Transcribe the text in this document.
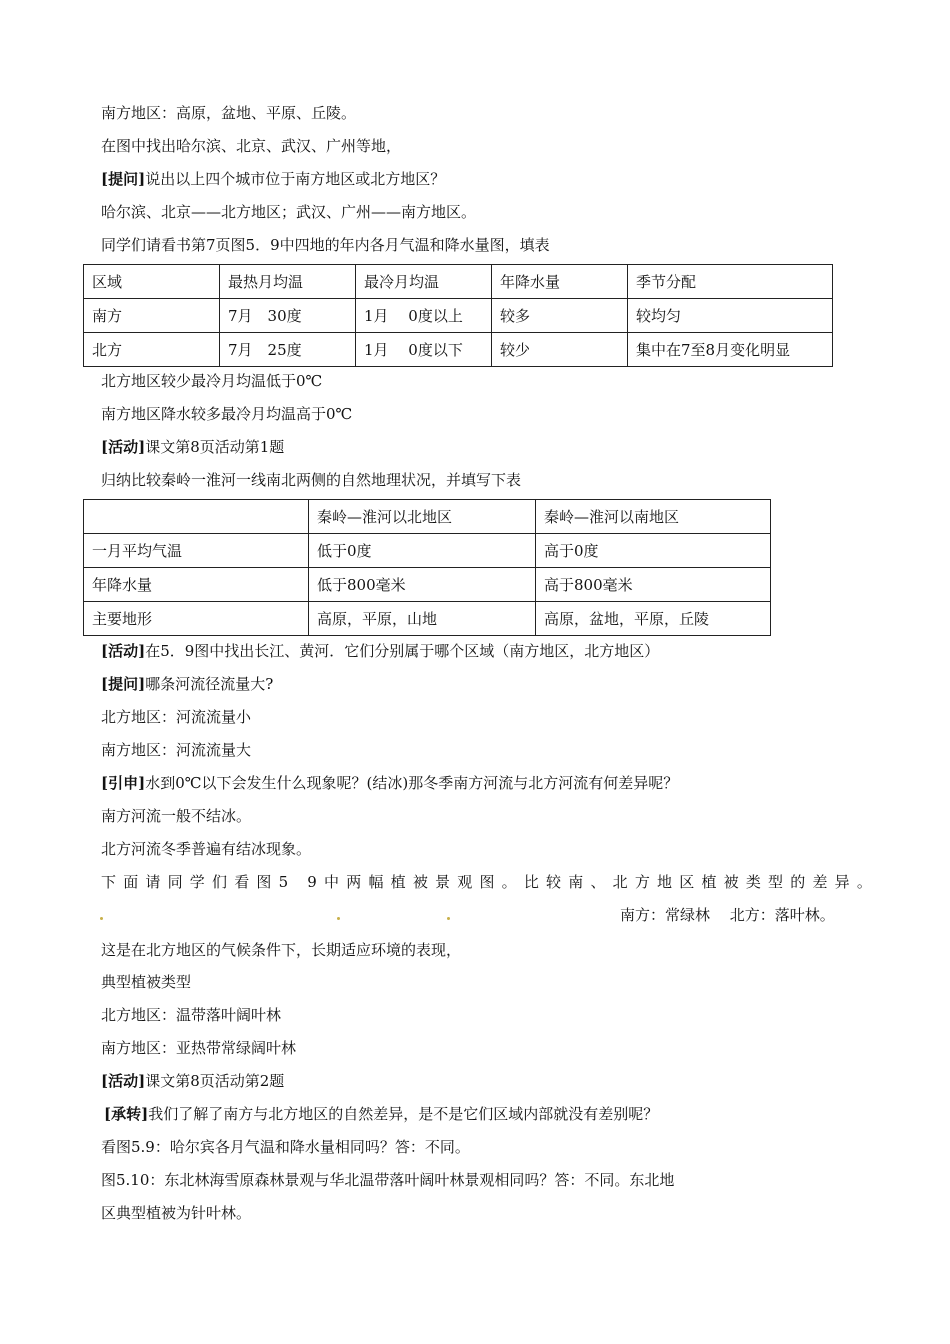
南方地区：高原，盆地、平原、丘陵。
在图中找出哈尔滨、北京、武汉、广州等地，
[提问]说出以上四个城市位于南方地区或北方地区？
哈尔滨、北京——北方地区；武汉、广州——南方地区。
同学们请看书第7页图5．9中四地的年内各月气温和降水量图，填表
区域	最热月均温	最冷月均温	年降水量	季节分配
南方	7月　30度	1月　 0度以上	较多	较均匀
北方	7月　25度	1月　 0度以下	较少	集中在7至8月变化明显
北方地区较少最冷月均温低于0℃
南方地区降水较多最冷月均温高于0℃
[活动]课文第8页活动第1题
归纳比较秦岭一淮河一线南北两侧的自然地理状况，并填写下表
	秦岭—淮河以北地区	秦岭—淮河以南地区
一月平均气温	低于0度	高于0度
年降水量	低于800毫米	高于800毫米
主要地形	高原，平原，山地	高原，盆地，平原，丘陵
[活动]在5．9图中找出长江、黄河．它们分别属于哪个区域（南方地区，北方地区）
[提问]哪条河流径流量大?
北方地区：河流流量小
南方地区：河流流量大
[引申]水到0℃以下会发生什么现象呢？(结冰)那冬季南方河流与北方河流有何差异呢？
南方河流一般不结冰。
北方河流冬季普遍有结冰现象。
下面请同学们看图5 9中两幅植被景观图。比较南、北方地区植被类型的差异。
南方：常绿林　 北方：落叶林。
这是在北方地区的气候条件下，长期适应环境的表现，
典型植被类型
北方地区：温带落叶阔叶林
南方地区：亚热带常绿阔叶林
[活动]课文第8页活动第2题
[承转]我们了解了南方与北方地区的自然差异，是不是它们区域内部就没有差别呢？
看图5.9：哈尔宾各月气温和降水量相同吗？答：不同。
图5.10：东北林海雪原森林景观与华北温带落叶阔叶林景观相同吗？答：不同。东北地
区典型植被为针叶林。
